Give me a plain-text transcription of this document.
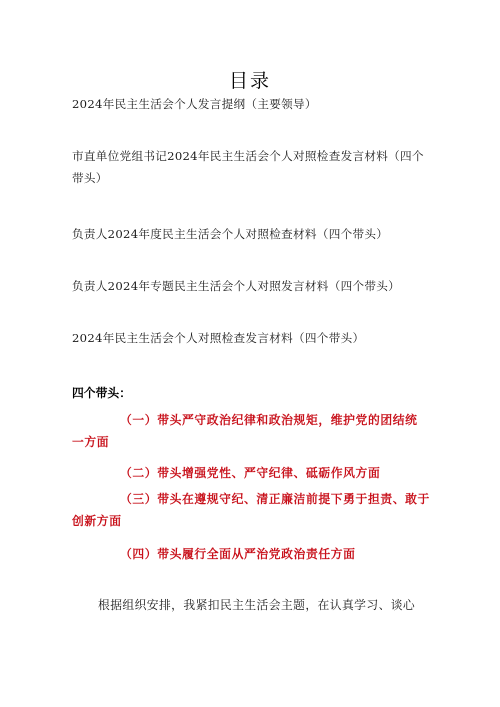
目录
2024年民主生活会个人发言提纲（主要领导）
市直单位党组书记2024年民主生活会个人对照检查发言材料（四个带头）
负责人2024年度民主生活会个人对照检查材料（四个带头）
负责人2024年专题民主生活会个人对照发言材料（四个带头）
2024年民主生活会个人对照检查发言材料（四个带头）
四个带头：
（一）带头严守政治纪律和政治规矩，维护党的团结统一方面
（二）带头增强党性、严守纪律、砥砺作风方面
（三）带头在遵规守纪、清正廉洁前提下勇于担责、敢于创新方面
（四）带头履行全面从严治党政治责任方面
根据组织安排，我紧扣民主生活会主题，在认真学习、谈心
